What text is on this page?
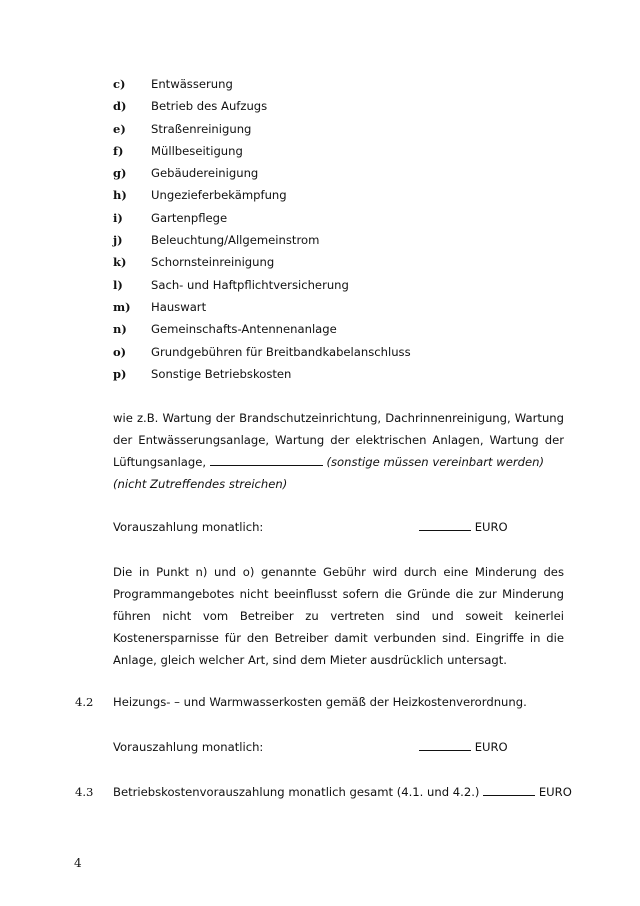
c) Entwässerung
d) Betrieb des Aufzugs
e) Straßenreinigung
f) Müllbeseitigung
g) Gebäudereinigung
h) Ungezieferbekämpfung
i) Gartenpflege
j) Beleuchtung/Allgemeinstrom
k) Schornsteinreinigung
l) Sach- und Haftpflichtversicherung
m) Hauswart
n) Gemeinschafts-Antennenanlage
o) Grundgebühren für Breitbandkabelanschluss
p) Sonstige Betriebskosten

wie z.B. Wartung der Brandschutzeinrichtung, Dachrinnenreinigung, Wartung der Entwässerungsanlage, Wartung der elektrischen Anlagen, Wartung der Lüftungsanlage,	(sonstige müssen vereinbart werden)
(nicht Zutreffendes streichen)

Vorauszahlung monatlich:	EURO

Die in Punkt n) und o) genannte Gebühr wird durch eine Minderung des Programmangebotes nicht beeinflusst sofern die Gründe die zur Minderung führen nicht vom Betreiber zu vertreten sind und soweit keinerlei Kostenersparnisse für den Betreiber damit verbunden sind. Eingriffe in die Anlage, gleich welcher Art, sind dem Mieter ausdrücklich untersagt.

4.2 Heizungs- – und Warmwasserkosten gemäß der Heizkostenverordnung.
Vorauszahlung monatlich:	EURO
4.3 Betriebskostenvorauszahlung monatlich gesamt (4.1. und 4.2.)	EURO
4
